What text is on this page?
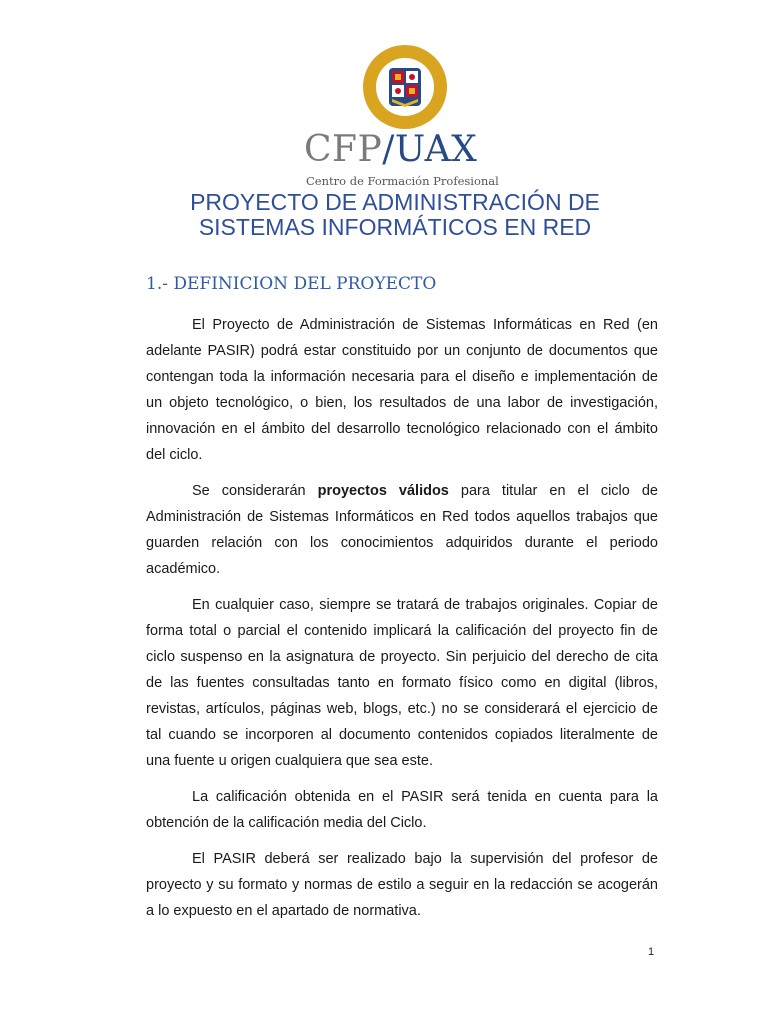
CFP/UAX
Centro de Formación Profesional
PROYECTO DE ADMINISTRACIÓN DE
SISTEMAS INFORMÁTICOS EN RED
1.- DEFINICION DEL PROYECTO

El Proyecto de Administración de Sistemas Informáticas en Red (en adelante PASIR) podrá estar constituido por un conjunto de documentos que contengan toda la información necesaria para el diseño e implementación de un objeto tecnológico, o bien, los resultados de una labor de investigación, innovación en el ámbito del desarrollo tecnológico relacionado con el ámbito del ciclo.

Se considerarán proyectos válidos para titular en el ciclo de Administración de Sistemas Informáticos en Red todos aquellos trabajos que guarden relación con los conocimientos adquiridos durante el periodo académico.

En cualquier caso, siempre se tratará de trabajos originales. Copiar de forma total o parcial el contenido implicará la calificación del proyecto fin de ciclo suspenso en la asignatura de proyecto. Sin perjuicio del derecho de cita de las fuentes consultadas tanto en formato físico como en digital (libros, revistas, artículos, páginas web, blogs, etc.) no se considerará el ejercicio de tal cuando se incorporen al documento contenidos copiados literalmente de una fuente u origen cualquiera que sea este.

La calificación obtenida en el PASIR será tenida en cuenta para la obtención de la calificación media del Ciclo.

El PASIR deberá ser realizado bajo la supervisión del profesor de proyecto y su formato y normas de estilo a seguir en la redacción se acogerán a lo expuesto en el apartado de normativa.

1
